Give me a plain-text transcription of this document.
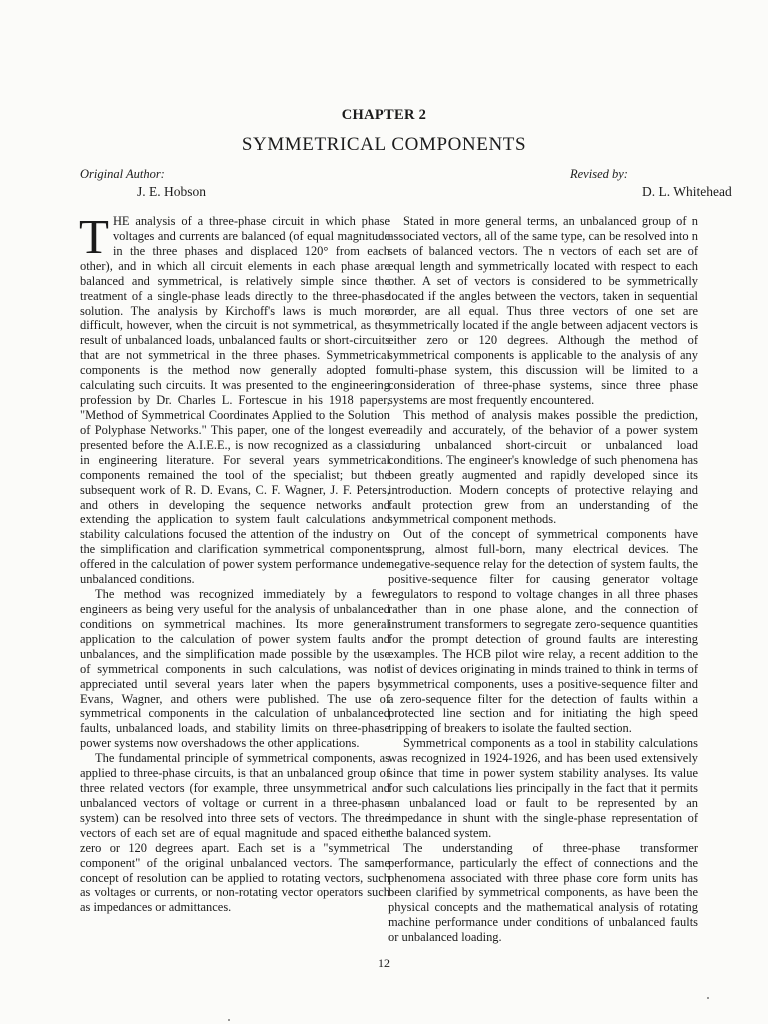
CHAPTER 2
SYMMETRICAL COMPONENTS
Original Author:
J. E. Hobson
Revised by:
D. L. Whitehead

THE analysis of a three-phase circuit in which phase voltages and currents are balanced (of equal magnitude in the three phases and displaced 120° from each other), and in which all circuit elements in each phase are balanced and symmetrical, is relatively simple since the treatment of a single-phase leads directly to the three-phase solution. The analysis by Kirchoff's laws is much more difficult, however, when the circuit is not symmetrical, as the result of unbalanced loads, unbalanced faults or short-circuits that are not symmetrical in the three phases. Symmetrical components is the method now generally adopted for calculating such circuits. It was presented to the engineering profession by Dr. Charles L. Fortescue in his 1918 paper, "Method of Symmetrical Coordinates Applied to the Solution of Polyphase Networks." This paper, one of the longest ever presented before the A.I.E.E., is now recognized as a classic in engineering literature. For several years symmetrical components remained the tool of the specialist; but the subsequent work of R. D. Evans, C. F. Wagner, J. F. Peters, and others in developing the sequence networks and extending the application to system fault calculations and stability calculations focused the attention of the industry on the simplification and clarification symmetrical components offered in the calculation of power system performance under unbalanced conditions.

The method was recognized immediately by a few engineers as being very useful for the analysis of unbalanced conditions on symmetrical machines. Its more general application to the calculation of power system faults and unbalances, and the simplification made possible by the use of symmetrical components in such calculations, was not appreciated until several years later when the papers by Evans, Wagner, and others were published. The use of symmetrical components in the calculation of unbalanced faults, unbalanced loads, and stability limits on three-phase power systems now overshadows the other applications.

The fundamental principle of symmetrical components, as applied to three-phase circuits, is that an unbalanced group of three related vectors (for example, three unsymmetrical and unbalanced vectors of voltage or current in a three-phase system) can be resolved into three sets of vectors. The three vectors of each set are of equal magnitude and spaced either zero or 120 degrees apart. Each set is a "symmetrical component" of the original unbalanced vectors. The same concept of resolution can be applied to rotating vectors, such as voltages or currents, or non-rotating vector operators such as impedances or admittances.

Stated in more general terms, an unbalanced group of n associated vectors, all of the same type, can be resolved into n sets of balanced vectors. The n vectors of each set are of equal length and symmetrically located with respect to each other. A set of vectors is considered to be symmetrically located if the angles between the vectors, taken in sequential order, are all equal. Thus three vectors of one set are symmetrically located if the angle between adjacent vectors is either zero or 120 degrees. Although the method of symmetrical components is applicable to the analysis of any multi-phase system, this discussion will be limited to a consideration of three-phase systems, since three phase systems are most frequently encountered.

This method of analysis makes possible the prediction, readily and accurately, of the behavior of a power system during unbalanced short-circuit or unbalanced load conditions. The engineer's knowledge of such phenomena has been greatly augmented and rapidly developed since its introduction. Modern concepts of protective relaying and fault protection grew from an understanding of the symmetrical component methods.

Out of the concept of symmetrical components have sprung, almost full-born, many electrical devices. The negative-sequence relay for the detection of system faults, the positive-sequence filter for causing generator voltage regulators to respond to voltage changes in all three phases rather than in one phase alone, and the connection of instrument transformers to segregate zero-sequence quantities for the prompt detection of ground faults are interesting examples. The HCB pilot wire relay, a recent addition to the list of devices originating in minds trained to think in terms of symmetrical components, uses a positive-sequence filter and a zero-sequence filter for the detection of faults within a protected line section and for initiating the high speed tripping of breakers to isolate the faulted section.

Symmetrical components as a tool in stability calculations was recognized in 1924-1926, and has been used extensively since that time in power system stability analyses. Its value for such calculations lies principally in the fact that it permits an unbalanced load or fault to be represented by an impedance in shunt with the single-phase representation of the balanced system.

The understanding of three-phase transformer performance, particularly the effect of connections and the phenomena associated with three phase core form units has been clarified by symmetrical components, as have been the physical concepts and the mathematical analysis of rotating machine performance under conditions of unbalanced faults or unbalanced loading.

12
